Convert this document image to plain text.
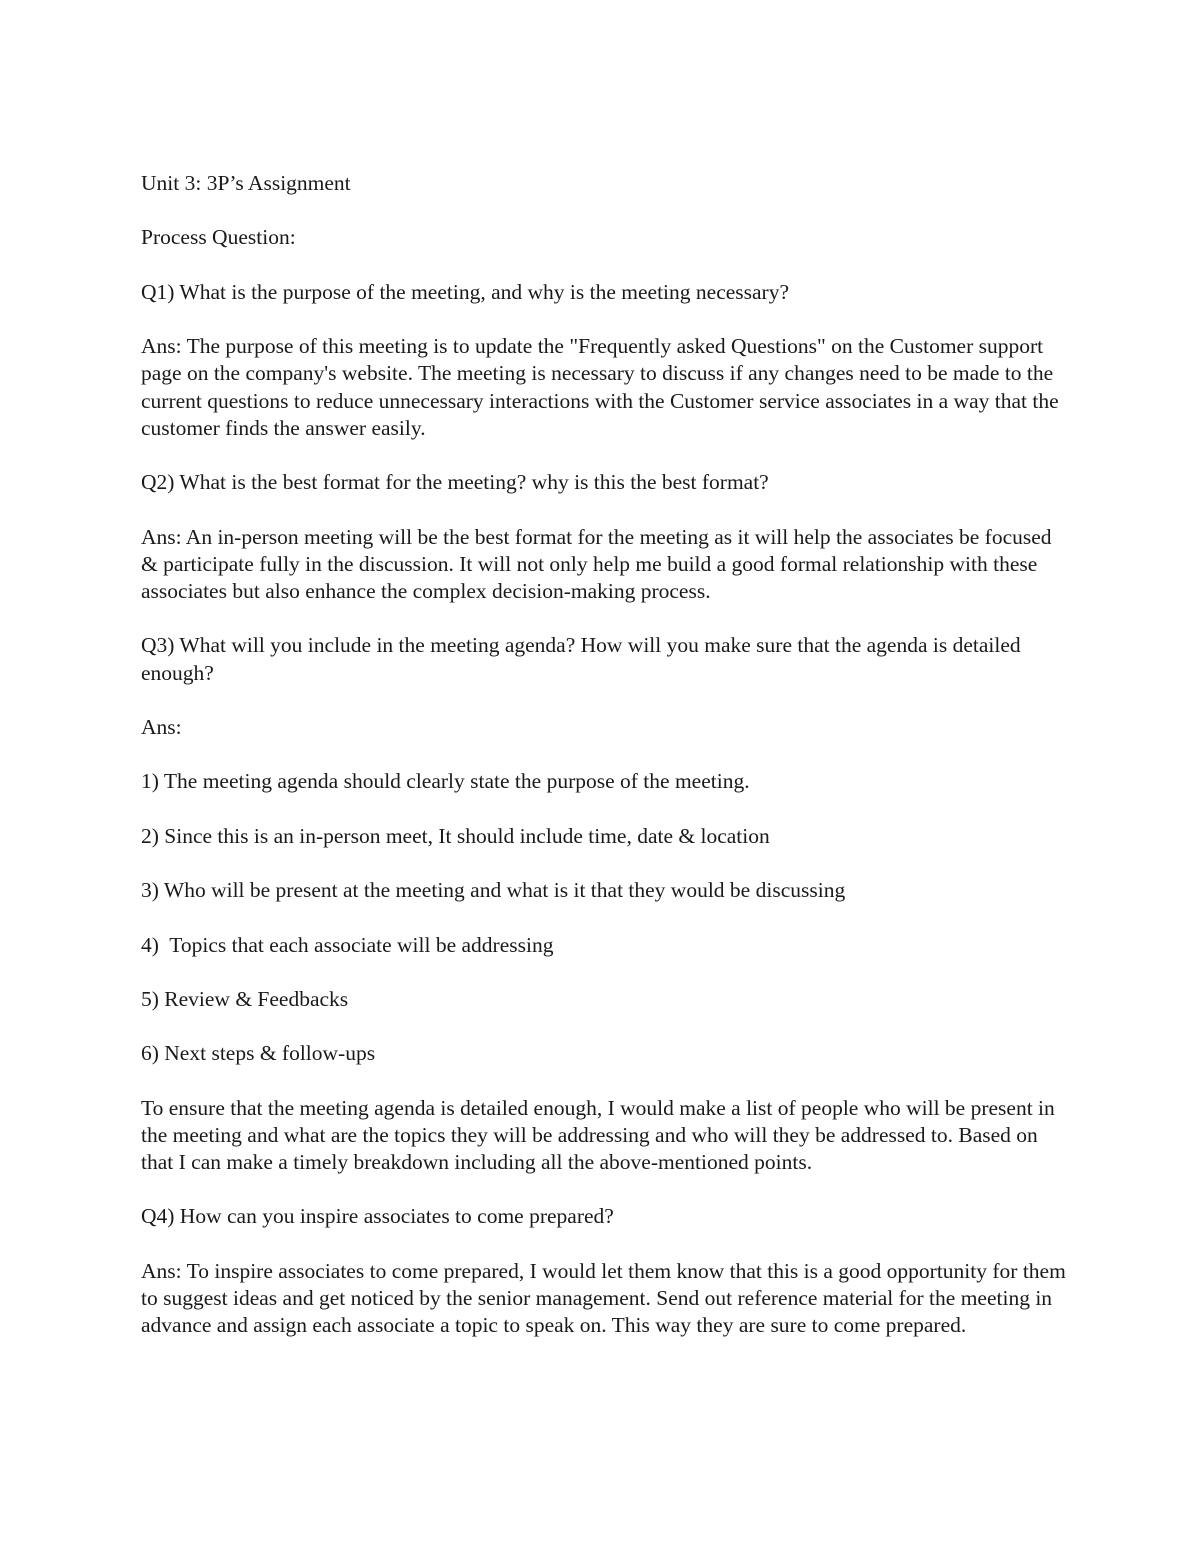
Unit 3: 3P’s Assignment

Process Question:

Q1) What is the purpose of the meeting, and why is the meeting necessary?

Ans: The purpose of this meeting is to update the "Frequently asked Questions" on the Customer support page on the company's website. The meeting is necessary to discuss if any changes need to be made to the current questions to reduce unnecessary interactions with the Customer service associates in a way that the customer finds the answer easily.

Q2) What is the best format for the meeting? why is this the best format?

Ans: An in-person meeting will be the best format for the meeting as it will help the associates be focused & participate fully in the discussion. It will not only help me build a good formal relationship with these associates but also enhance the complex decision-making process.

Q3) What will you include in the meeting agenda? How will you make sure that the agenda is detailed enough?

Ans:

1) The meeting agenda should clearly state the purpose of the meeting.

2) Since this is an in-person meet, It should include time, date & location

3) Who will be present at the meeting and what is it that they would be discussing

4)  Topics that each associate will be addressing

5) Review & Feedbacks

6) Next steps & follow-ups

To ensure that the meeting agenda is detailed enough, I would make a list of people who will be present in the meeting and what are the topics they will be addressing and who will they be addressed to. Based on that I can make a timely breakdown including all the above-mentioned points.

Q4) How can you inspire associates to come prepared?

Ans: To inspire associates to come prepared, I would let them know that this is a good opportunity for them to suggest ideas and get noticed by the senior management. Send out reference material for the meeting in advance and assign each associate a topic to speak on. This way they are sure to come prepared.
